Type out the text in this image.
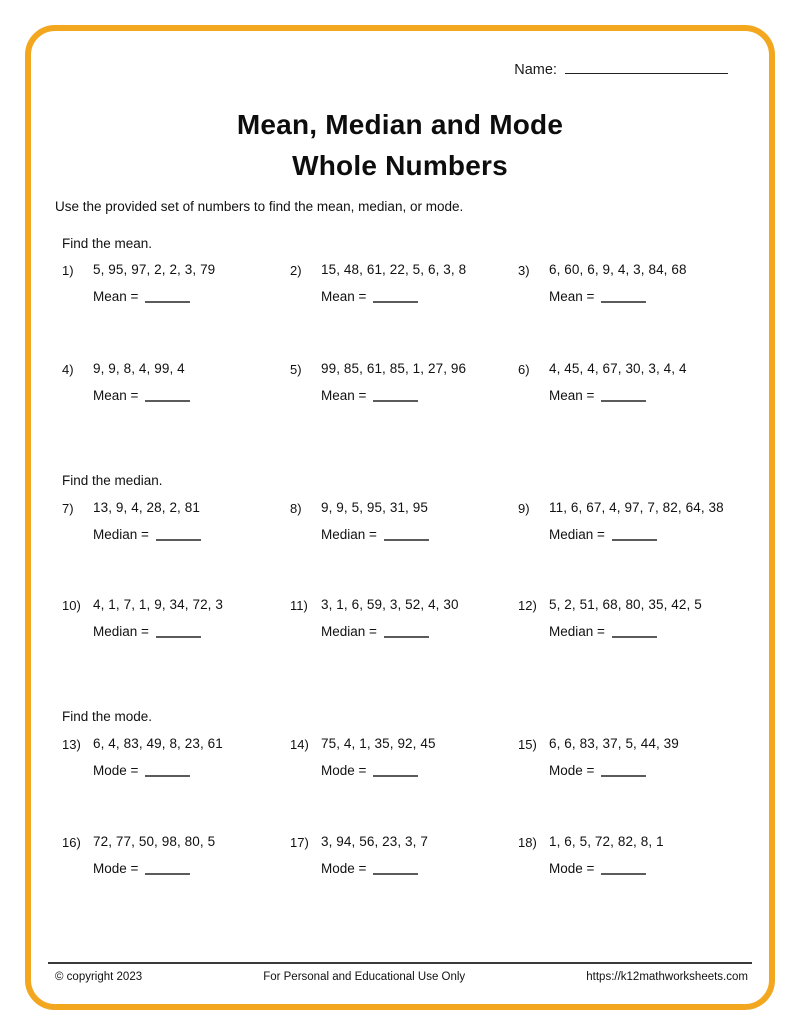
Name:
Mean, Median and Mode
Whole Numbers

Use the provided set of numbers to find the mean, median, or mode.

Find the mean.
1)	5, 95, 97, 2, 2, 3, 79
Mean =
2)	15, 48, 61, 22, 5, 6, 3, 8
Mean =
3)	6, 60, 6, 9, 4, 3, 84, 68
Mean =
4)	9, 9, 8, 4, 99, 4
Mean =
5)	99, 85, 61, 85, 1, 27, 96
Mean =
6)	4, 45, 4, 67, 30, 3, 4, 4
Mean =
Find the median.
7)	13, 9, 4, 28, 2, 81
Median =
8)	9, 9, 5, 95, 31, 95
Median =
9)	11, 6, 67, 4, 97, 7, 82, 64, 38
Median =
10) 4, 1, 7, 1, 9, 34, 72, 3
Median =
11) 3, 1, 6, 59, 3, 52, 4, 30
Median =
12) 5, 2, 51, 68, 80, 35, 42, 5
Median =
Find the mode.
13) 6, 4, 83, 49, 8, 23, 61
Mode =
14) 75, 4, 1, 35, 92, 45
Mode =
15) 6, 6, 83, 37, 5, 44, 39
Mode =
16) 72, 77, 50, 98, 80, 5
Mode =
17) 3, 94, 56, 23, 3, 7
Mode =
18) 1, 6, 5, 72, 82, 8, 1
Mode =
© copyright 2023	For Personal and Educational Use Only	https://k12mathworksheets.com
